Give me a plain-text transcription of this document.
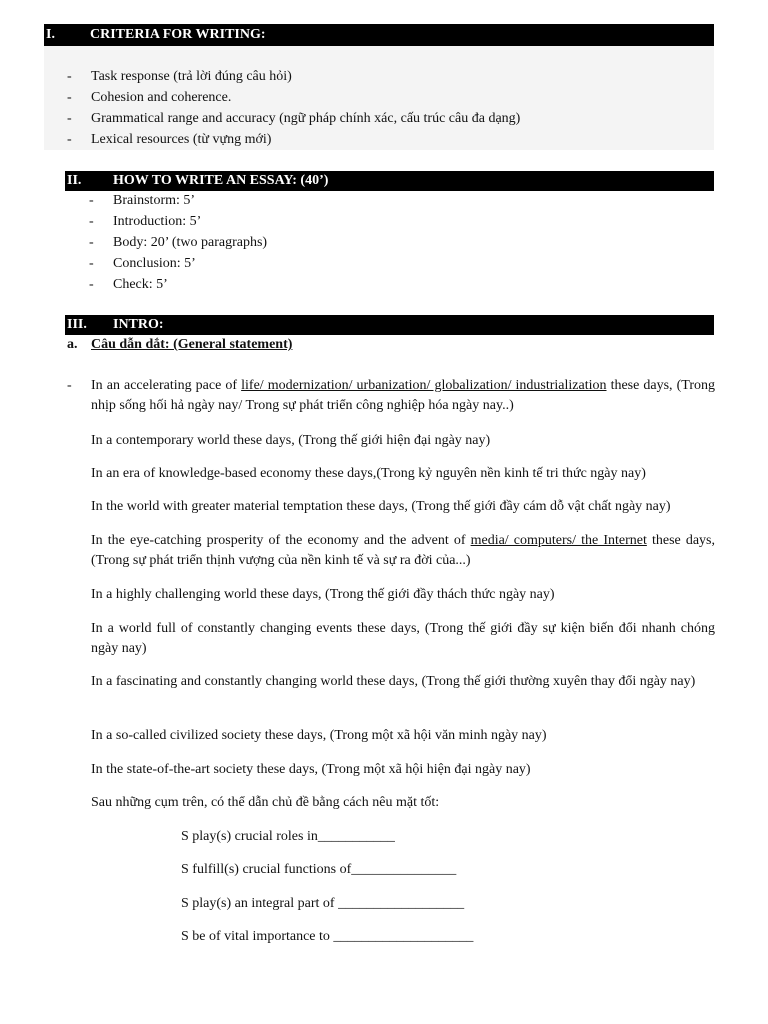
I.	CRITERIA FOR WRITING:
- Task response (trả lời đúng câu hỏi)
- Cohesion and coherence.
- Grammatical range and accuracy (ngữ pháp chính xác, cấu trúc câu đa dạng)
- Lexical resources (từ vựng mới)
II. HOW TO WRITE AN ESSAY: (40’)
- Brainstorm: 5’
- Introduction: 5’
- Body: 20’ (two paragraphs)
- Conclusion: 5’
- Check: 5’
III. INTRO:
a. Câu dẫn dắt: (General statement)
- In an accelerating pace of life/ modernization/ urbanization/ globalization/ industrialization these days, (Trong nhịp sống hối hả ngày nay/ Trong sự phát triển công nghiệp hóa ngày nay..)
In a contemporary world these days, (Trong thế giới hiện đại ngày nay)
In an era of knowledge-based economy these days,(Trong kỷ nguyên nền kinh tế tri thức ngày nay)
In the world with greater material temptation these days, (Trong thế giới đầy cám dỗ vật chất ngày nay)
In the eye-catching prosperity of the economy and the advent of media/ computers/ the Internet these days, (Trong sự phát triển thịnh vượng của nền kinh tế và sự ra đời của...)
In a highly challenging world these days, (Trong thế giới đầy thách thức ngày nay)
In a world full of constantly changing events these days, (Trong thế giới đầy sự kiện biến đổi nhanh chóng ngày nay)
In a fascinating and constantly changing world these days, (Trong thế giới thường xuyên thay đổi ngày nay)
In a so-called civilized society these days, (Trong một xã hội văn minh ngày nay)
In the state-of-the-art society these days, (Trong một xã hội hiện đại ngày nay)
Sau những cụm trên, có thể dẫn chủ đề bằng cách nêu mặt tốt:
S play(s) crucial roles in___________
S fulfill(s) crucial functions of_______________
S play(s) an integral part of __________________
S be of vital importance to ____________________
